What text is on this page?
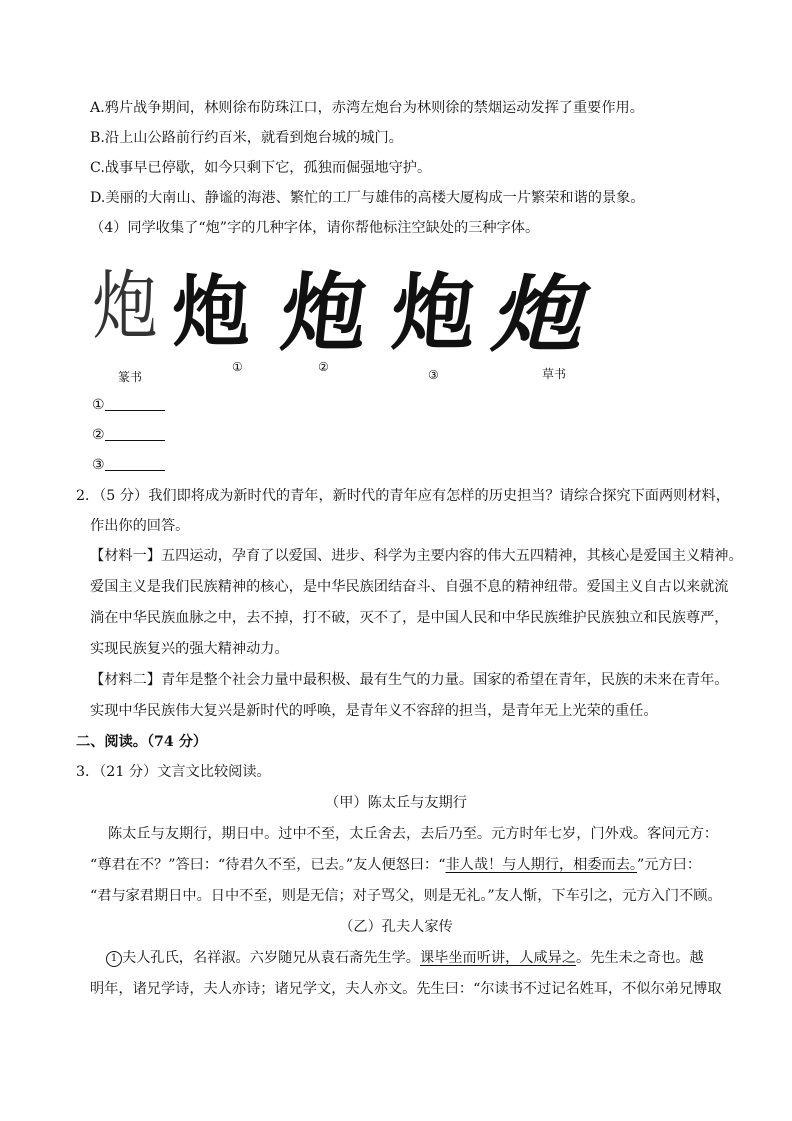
A.鸦片战争期间，林则徐布防珠江口，赤湾左炮台为林则徐的禁烟运动发挥了重要作用。
B.沿上山公路前行约百米，就看到炮台城的城门。
C.战事早已停歇，如今只剩下它，孤独而倔强地守护。
D.美丽的大南山、静谧的海港、繁忙的工厂与雄伟的高楼大厦构成一片繁荣和谐的景象。
（4）同学收集了“炮”字的几种字体，请你帮他标注空缺处的三种字体。
炮 炮 炮 炮 炮
篆书
①	②
③	草书
①
②
③
2．（5 分）我们即将成为新时代的青年，新时代的青年应有怎样的历史担当？请综合探究下面两则材料，
作出你的回答。
【材料一】五四运动，孕育了以爱国、进步、科学为主要内容的伟大五四精神，其核心是爱国主义精神。
爱国主义是我们民族精神的核心，是中华民族团结奋斗、自强不息的精神纽带。爱国主义自古以来就流
淌在中华民族血脉之中，去不掉，打不破，灭不了，是中国人民和中华民族维护民族独立和民族尊严，
实现民族复兴的强大精神动力。
【材料二】青年是整个社会力量中最积极、最有生气的力量。国家的希望在青年，民族的未来在青年。
实现中华民族伟大复兴是新时代的呼唤，是青年义不容辞的担当，是青年无上光荣的重任。
二、阅读。（74 分）
3．（21 分）文言文比较阅读。
（甲）陈太丘与友期行
陈太丘与友期行，期日中。过中不至，太丘舍去，去后乃至。元方时年七岁，门外戏。客问元方：
“尊君在不？”答曰：“待君久不至，已去。”友人便怒曰：“非人哉！与人期行，相委而去。”元方曰：
“君与家君期日中。日中不至，则是无信；对子骂父，则是无礼。”友人惭，下车引之，元方入门不顾。
（乙）孔夫人家传
1 夫人孔氏，名祥淑。六岁随兄从袁石斋先生学。课毕坐而听讲，人咸异之。先生未之奇也。越
明年，诸兄学诗，夫人亦诗；诸兄学文，夫人亦文。先生曰：“尔读书不过记名姓耳，不似尔弟兄博取
